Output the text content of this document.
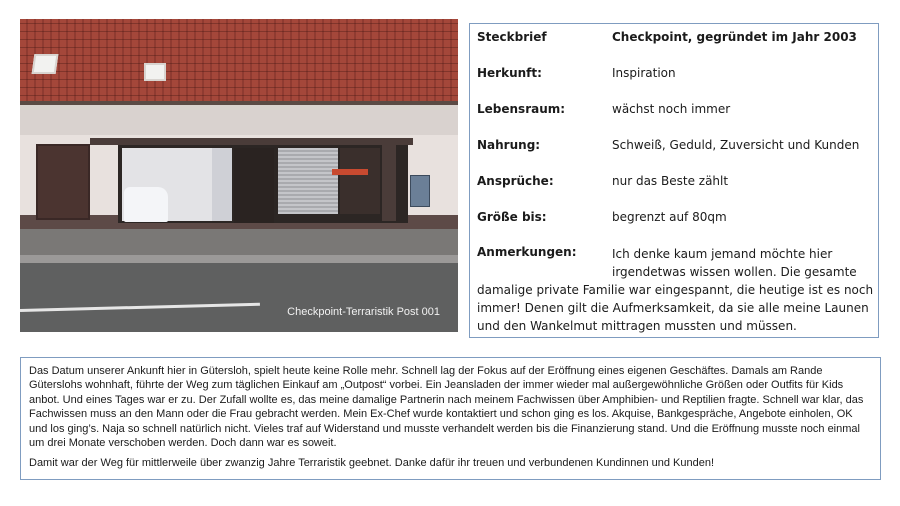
Checkpoint-Terraristik Post 001
Steckbrief	Checkpoint, gegründet im Jahr 2003
Herkunft:	Inspiration
Lebensraum:	wächst noch immer
Nahrung:	Schweiß, Geduld, Zuversicht und Kunden
Ansprüche:	nur das Beste zählt
Größe bis:	begrenzt auf 80qm
Anmerkungen:	Ich denke kaum jemand möchte hier irgendetwas wissen wollen. Die gesamte
damalige private Familie war eingespannt, die heutige ist es noch immer! Denen gilt die Aufmerksamkeit, da sie alle meine Launen und den Wankelmut mittragen mussten und müssen.

Das Datum unserer Ankunft hier in Gütersloh, spielt heute keine Rolle mehr. Schnell lag der Fokus auf der Eröffnung eines eigenen Geschäftes. Damals am Rande Güterslohs wohnhaft, führte der Weg zum täglichen Einkauf am „Outpost“ vorbei. Ein Jeansladen der immer wieder mal außergewöhnliche Größen oder Outfits für Kids anbot. Und eines Tages war er zu. Der Zufall wollte es, das meine damalige Partnerin nach meinem Fachwissen über Amphibien- und Reptilien fragte. Schnell war klar, das Fachwissen muss an den Mann oder die Frau gebracht werden. Mein Ex-Chef wurde kontaktiert und schon ging es los. Akquise, Bankgespräche, Angebote einholen, OK und los ging’s. Naja so schnell natürlich nicht. Vieles traf auf Widerstand und musste verhandelt werden bis die Finanzierung stand. Und die Eröffnung musste noch einmal um drei Monate verschoben werden. Doch dann war es soweit.

Damit war der Weg für mittlerweile über zwanzig Jahre Terraristik geebnet. Danke dafür ihr treuen und verbundenen Kundinnen und Kunden!
